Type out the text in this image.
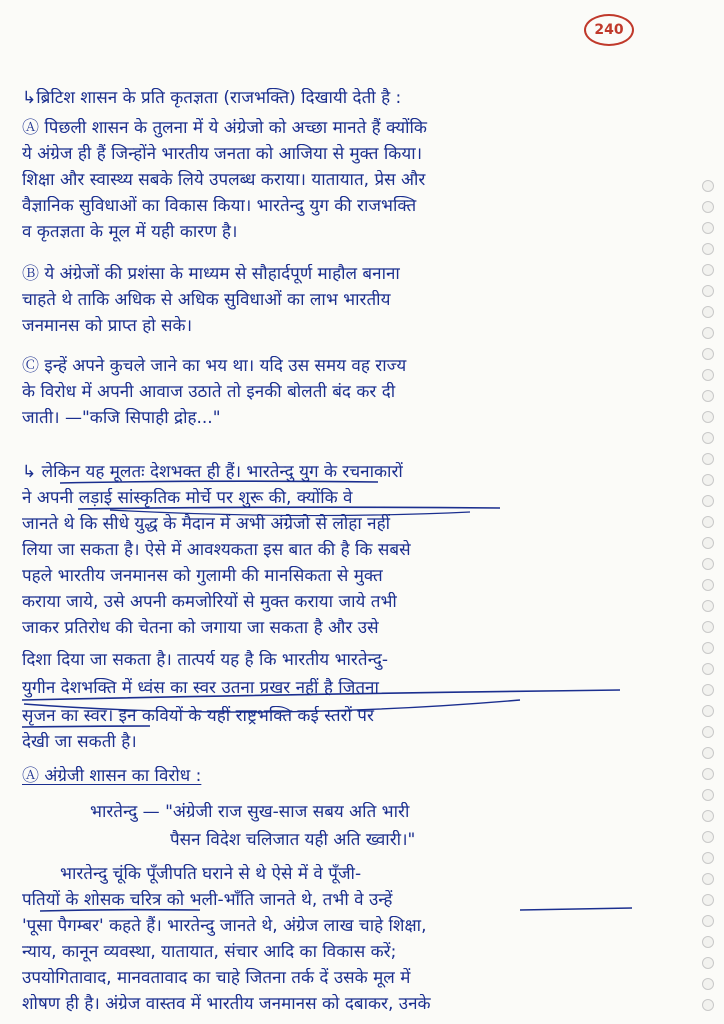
240
↳ब्रिटिश शासन के प्रति कृतज्ञता (राजभक्ति) दिखायी देती है :
Ⓐ पिछली शासन के तुलना में ये अंग्रेजो को अच्छा मानते हैं क्योंकि
ये अंग्रेज ही हैं जिन्होंने भारतीय जनता को आजिया से मुक्त किया।
शिक्षा और स्वास्थ्य सबके लिये उपलब्ध कराया। यातायात, प्रेस और
वैज्ञानिक सुविधाओं का विकास किया। भारतेन्दु युग की राजभक्ति
व कृतज्ञता के मूल में यही कारण है।
Ⓑ ये अंग्रेजों की प्रशंसा के माध्यम से सौहार्दपूर्ण माहौल बनाना
चाहते थे ताकि अधिक से अधिक सुविधाओं का लाभ भारतीय
जनमानस को प्राप्त हो सके।
Ⓒ इन्हें अपने कुचले जाने का भय था। यदि उस समय वह राज्य
के विरोध में अपनी आवाज उठाते तो इनकी बोलती बंद कर दी
जाती। —"कजि सिपाही द्रोह..."
↳ लेकिन यह मूलतः देशभक्त ही हैं। भारतेन्दु युग के रचनाकारों
ने अपनी लड़ाई सांस्कृतिक मोर्चे पर शुरू की, क्योंकि वे
जानते थे कि सीधे युद्ध के मैदान में अभी अंग्रेजो से लोहा नहीं
लिया जा सकता है। ऐसे में आवश्यकता इस बात की है कि सबसे
पहले भारतीय जनमानस को गुलामी की मानसिकता से मुक्त
कराया जाये, उसे अपनी कमजोरियों से मुक्त कराया जाये तभी
जाकर प्रतिरोध की चेतना को जगाया जा सकता है और उसे
दिशा दिया जा सकता है। तात्पर्य यह है कि भारतीय भारतेन्दु-
युगीन देशभक्ति में ध्वंस का स्वर उतना प्रखर नहीं है जितना
सृजन का स्वर। इन कवियों के यहीं राष्ट्रभक्ति कई स्तरों पर
देखी जा सकती है।
Ⓐ अंग्रेजी शासन का विरोध :
भारतेन्दु — "अंग्रेजी राज सुख-साज सबय अति भारी
पैसन विदेश चलिजात यही अति ख्वारी।"
भारतेन्दु चूंकि पूँजीपति घराने से थे ऐसे में वे पूँजी-
पतियों के शोसक चरित्र को भली-भाँति जानते थे, तभी वे उन्हें
'पूसा पैगम्बर' कहते हैं। भारतेन्दु जानते थे, अंग्रेज लाख चाहे शिक्षा,
न्याय, कानून व्यवस्था, यातायात, संचार आदि का विकास करें;
उपयोगितावाद, मानवतावाद का चाहे जितना तर्क दें उसके मूल में
शोषण ही है। अंग्रेज वास्तव में भारतीय जनमानस को दबाकर, उनके
